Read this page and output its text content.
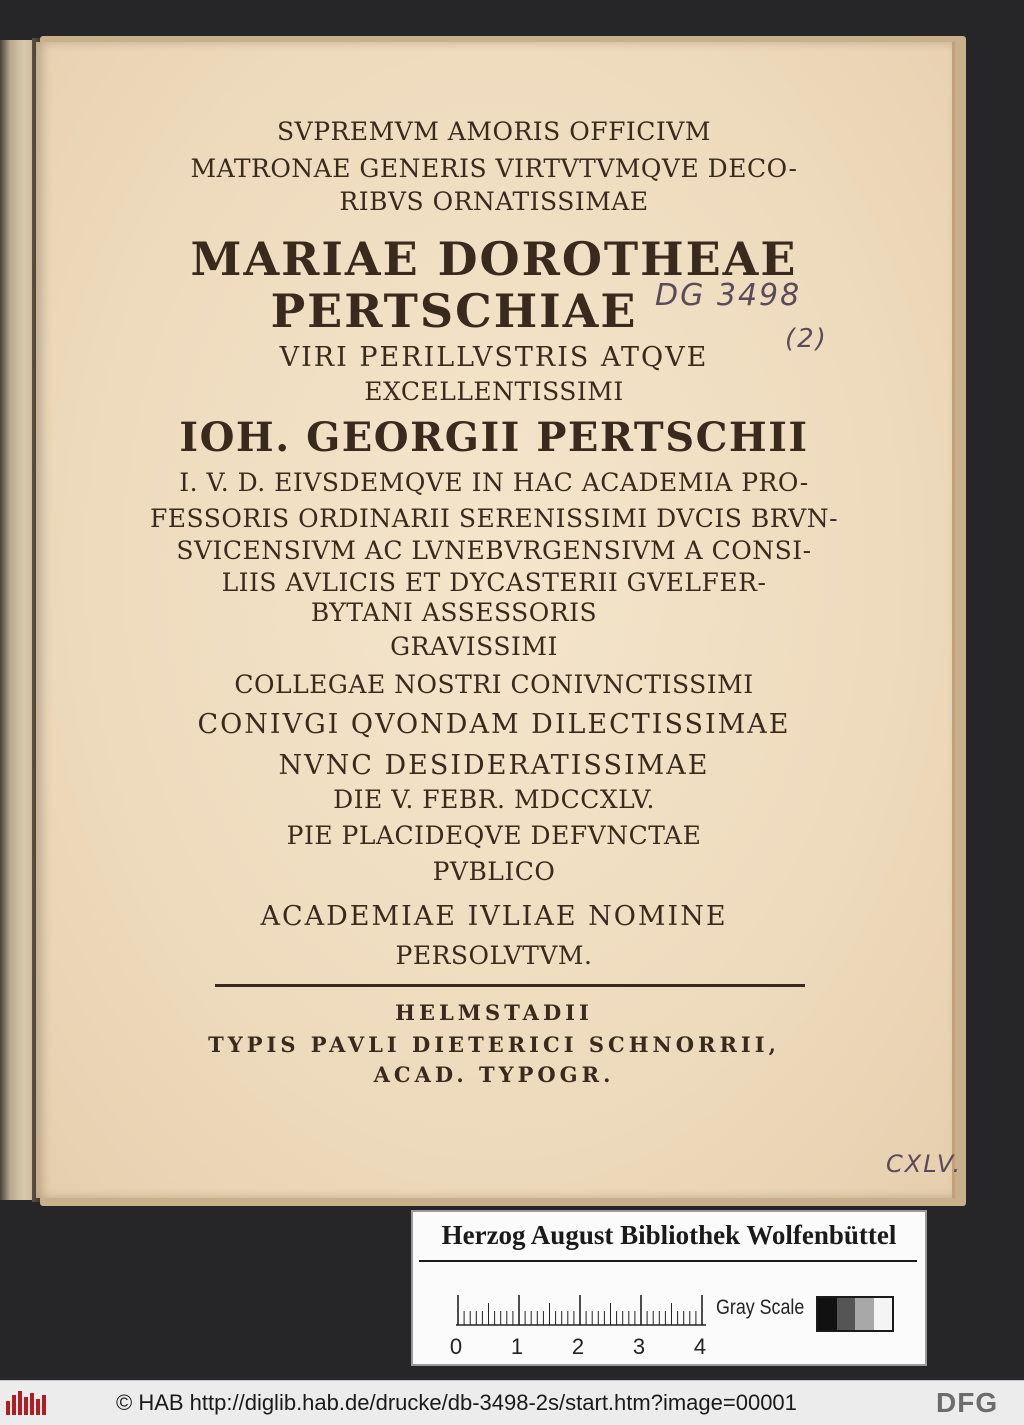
SVPREMVM AMORIS OFFICIVM
MATRONAE GENERIS VIRTVTVMQVE DECO-
RIBVS ORNATISSIMAE
MARIAE DOROTHEAE
PERTSCHIAE
VIRI PERILLVSTRIS ATQVE
EXCELLENTISSIMI
IOH. GEORGII PERTSCHII
I. V. D. EIVSDEMQVE IN HAC ACADEMIA PRO-
FESSORIS ORDINARII SERENISSIMI DVCIS BRVN-
SVICENSIVM AC LVNEBVRGENSIVM A CONSI-
LIIS AVLICIS ET DYCASTERII GVELFER-
BYTANI ASSESSORIS
GRAVISSIMI
COLLEGAE NOSTRI CONIVNCTISSIMI
CONIVGI QVONDAM DILECTISSIMAE
NVNC DESIDERATISSIMAE
DIE V. FEBR. MDCCXLV.
PIE PLACIDEQVE DEFVNCTAE
PVBLICO
ACADEMIAE IVLIAE NOMINE
PERSOLVTVM.
HELMSTADII
TYPIS PAVLI DIETERICI SCHNORRII,
ACAD. TYPOGR.
DG 3498
(2)
CXLV.
Herzog August Bibliothek Wolfenbüttel
0 1 2 3 4
Gray Scale
© HAB http://diglib.hab.de/drucke/db-3498-2s/start.htm?image=00001	DFG
